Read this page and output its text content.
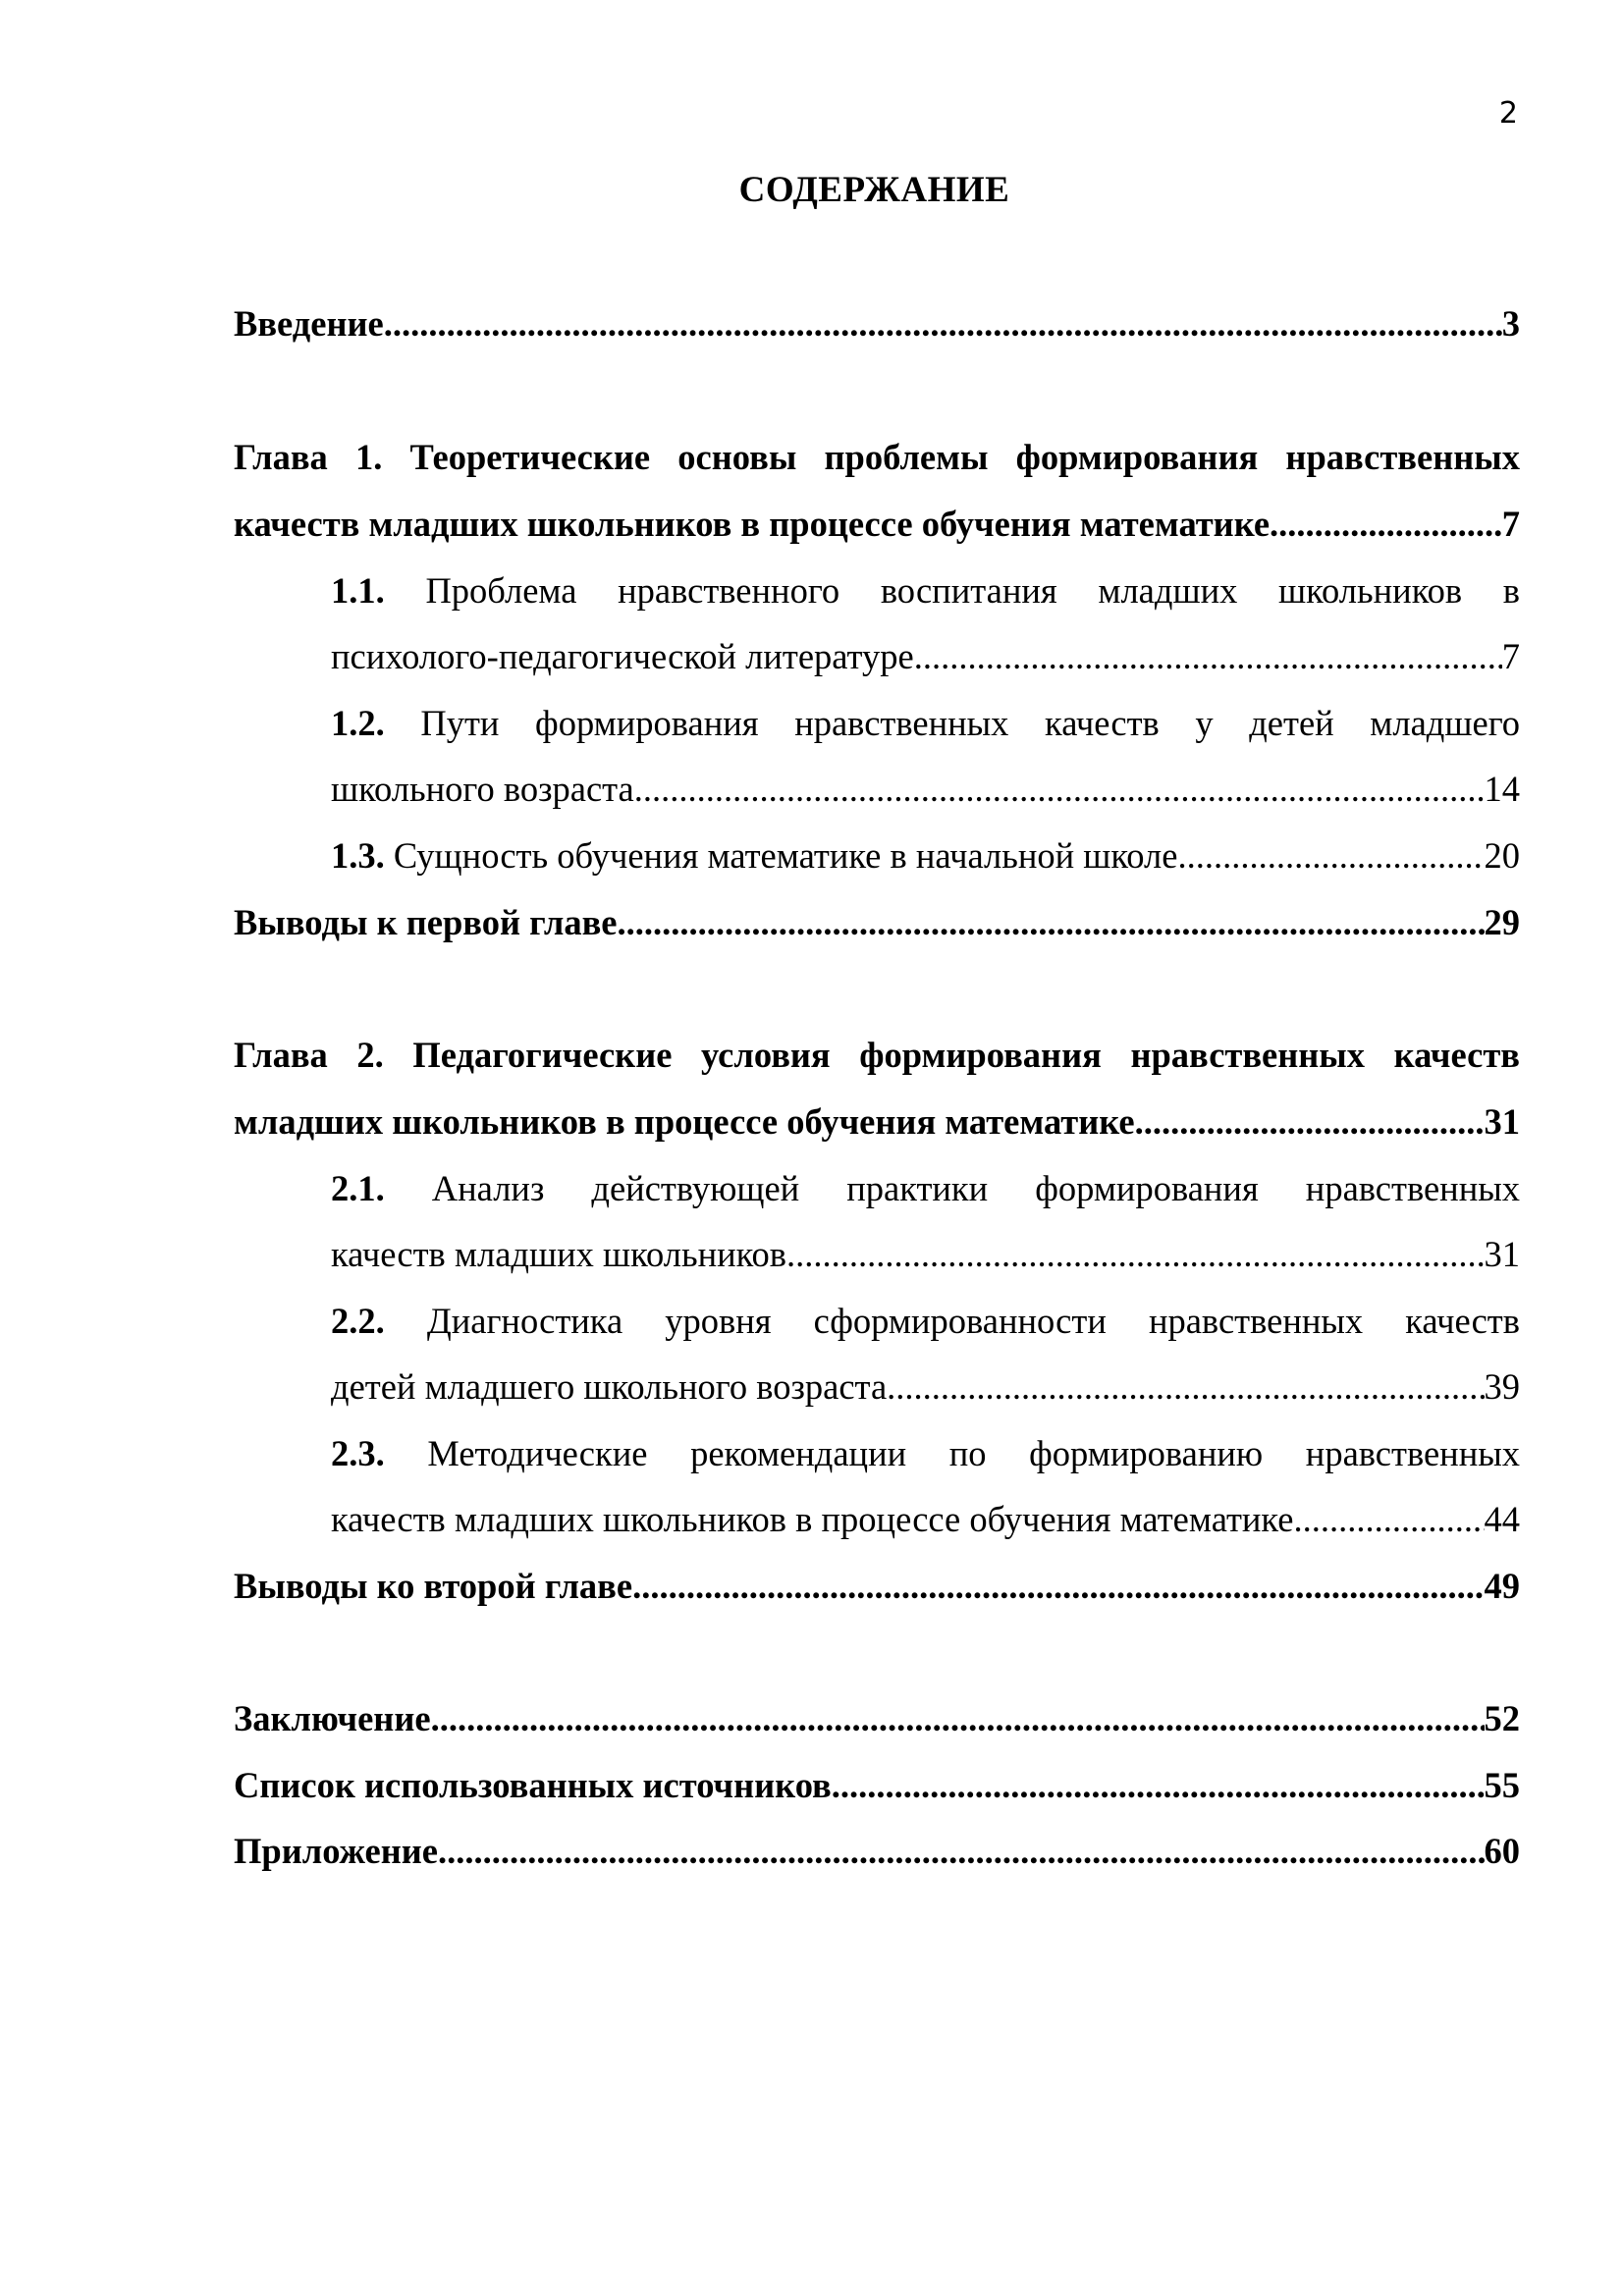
2
СОДЕРЖАНИЕ
Введение .....	3
Глава 1. Теоретические основы проблемы формирования нравственных
качеств младших школьников в процессе обучения математике .....	7
1.1. Проблема нравственного воспитания младших школьников в
психолого-педагогической литературе .....	7
1.2. Пути формирования нравственных качеств у детей младшего
школьного возраста .....	14
1.3. Сущность обучения математике в начальной школе .....	20
Выводы к первой главе .....	29
Глава 2. Педагогические условия формирования нравственных качеств
младших школьников в процессе обучения математике .....	31
2.1. Анализ действующей практики формирования нравственных
качеств младших школьников .....	31
2.2. Диагностика уровня сформированности нравственных качеств
детей младшего школьного возраста .....	39
2.3. Методические рекомендации по формированию нравственных
качеств младших школьников в процессе обучения математике .....	44
Выводы ко второй главе .....	49
Заключение .....	52
Список использованных источников .....	55
Приложение .....	60
